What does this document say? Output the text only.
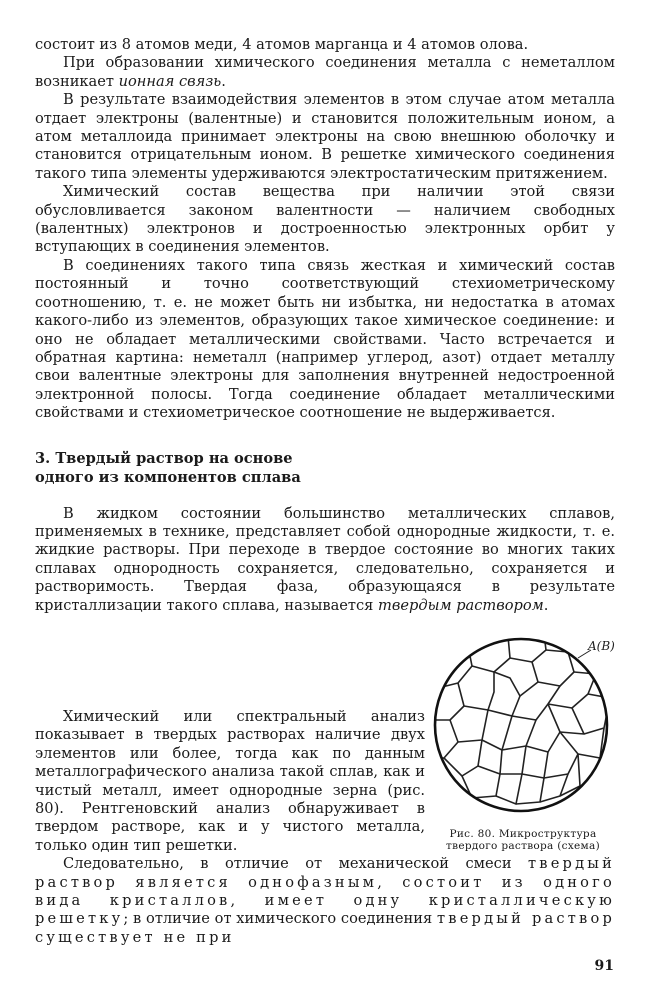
состоит из 8 атомов меди, 4 атомов марганца и 4 атомов олова.

При образовании химического соединения металла с неметаллом возникает ионная связь.

В результате взаимодействия элементов в этом случае атом металла отдает электроны (валентные) и становится положительным ионом, а атом металлоида принимает электроны на свою внешнюю оболочку и становится отрицательным ионом. В решетке химического соединения такого типа элементы удерживаются электростатическим притяжением.

Химический состав вещества при наличии этой связи обусловливается законом валентности — наличием свободных (валентных) электронов и достроенностью электронных орбит у вступающих в соединения элементов.

В соединениях такого типа связь жесткая и химический состав постоянный и точно соответствующий стехиометрическому соотношению, т. е. не может быть ни избытка, ни недостатка в атомах какого-либо из элементов, образующих такое химическое соединение: и оно не обладает металлическими свойствами. Часто встречается и обратная картина: неметалл (например углерод, азот) отдает металлу свои валентные электроны для заполнения внутренней недостроенной электронной полосы. Тогда соединение обладает металлическими свойствами и стехиометрическое соотношение не выдерживается.

3. Твердый раствор на основе одного из компонентов сплава

В жидком состоянии большинство металлических сплавов, применяемых в технике, представляет собой однородные жидкости, т. е. жидкие растворы. При переходе в твердое состояние во многих таких сплавах однородность сохраняется, следовательно, сохраняется и растворимость. Твердая фаза, образующаяся в результате кристаллизации такого сплава, называется твердым раствором.

A(B)
Рис. 80. Микроструктура твердого раствора (схема)

Химический или спектральный анализ показывает в твердых растворах наличие двух элементов или более, тогда как по данным металлографического анализа такой сплав, как и чистый металл, имеет однородные зерна (рис. 80). Рентгеновский анализ обнаруживает в твердом растворе, как и у чистого металла, только один тип решетки.

Следовательно, в отличие от механической смеси твердый раствор является однофазным, состоит из одного вида кристаллов, имеет одну кристаллическую решетку; в отличие от химического соединения твердый раствор существует не при

91
